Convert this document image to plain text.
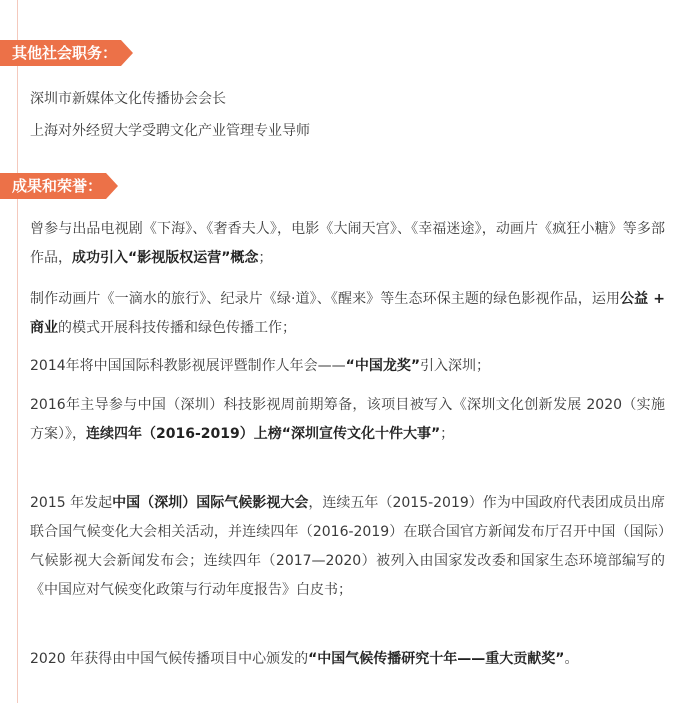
其他社会职务：
深圳市新媒体文化传播协会会长
上海对外经贸大学受聘文化产业管理专业导师
成果和荣誉：
曾参与出品电视剧《下海》、《奢香夫人》，电影《大闹天宫》、《幸福迷途》，动画片《疯狂小糖》等多部作品，成功引入“影视版权运营”概念；
制作动画片《一滴水的旅行》、纪录片《绿·道》、《醒来》等生态环保主题的绿色影视作品，运用公益 + 商业的模式开展科技传播和绿色传播工作；
2014年将中国国际科教影视展评暨制作人年会——“中国龙奖”引入深圳；
2016年主导参与中国（深圳）科技影视周前期筹备，该项目被写入《深圳文化创新发展 2020（实施方案）》，连续四年（2016-2019）上榜“深圳宣传文化十件大事”；
2015 年发起中国（深圳）国际气候影视大会，连续五年（2015-2019）作为中国政府代表团成员出席联合国气候变化大会相关活动，并连续四年（2016-2019）在联合国官方新闻发布厅召开中国（国际）气候影视大会新闻发布会；连续四年（2017—2020）被列入由国家发改委和国家生态环境部编写的《中国应对气候变化政策与行动年度报告》白皮书；
2020 年获得由中国气候传播项目中心颁发的“中国气候传播研究十年——重大贡献奖”。
